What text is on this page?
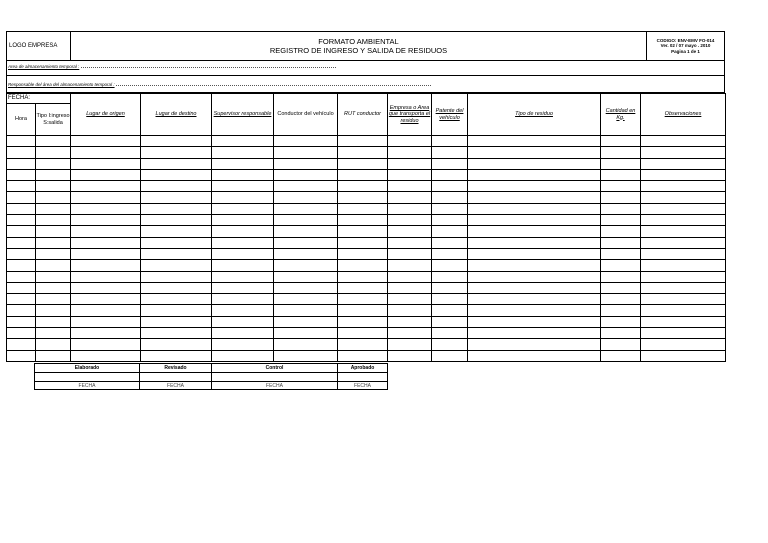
LOGO EMPRESA	FORMATO AMBIENTAL
REGISTRO DE INGRESO Y SALIDA DE RESIDUOS

CODIGO: ENV-EMV FO-014
Ver. 02 / 07 mayo . 2010
Pagina 1 de 1
Area de almacenamiento temporal :
Responsable del área del almacenamiento temporal :
FECHA:		Lugar de origen	Lugar de destino	Supervisor responsable	Conductor del vehículo	RUT conductor	Empresa o Area que transporta el residuo	Patente del vehículo	Tipo de residuo	Cantidad en Kg.	Observaciones
Hora	Tipo I:ingreso S:salida										

Elaborado	Revisado	Control	Aprobado

FECHA	FECHA	FECHA	FECHA
